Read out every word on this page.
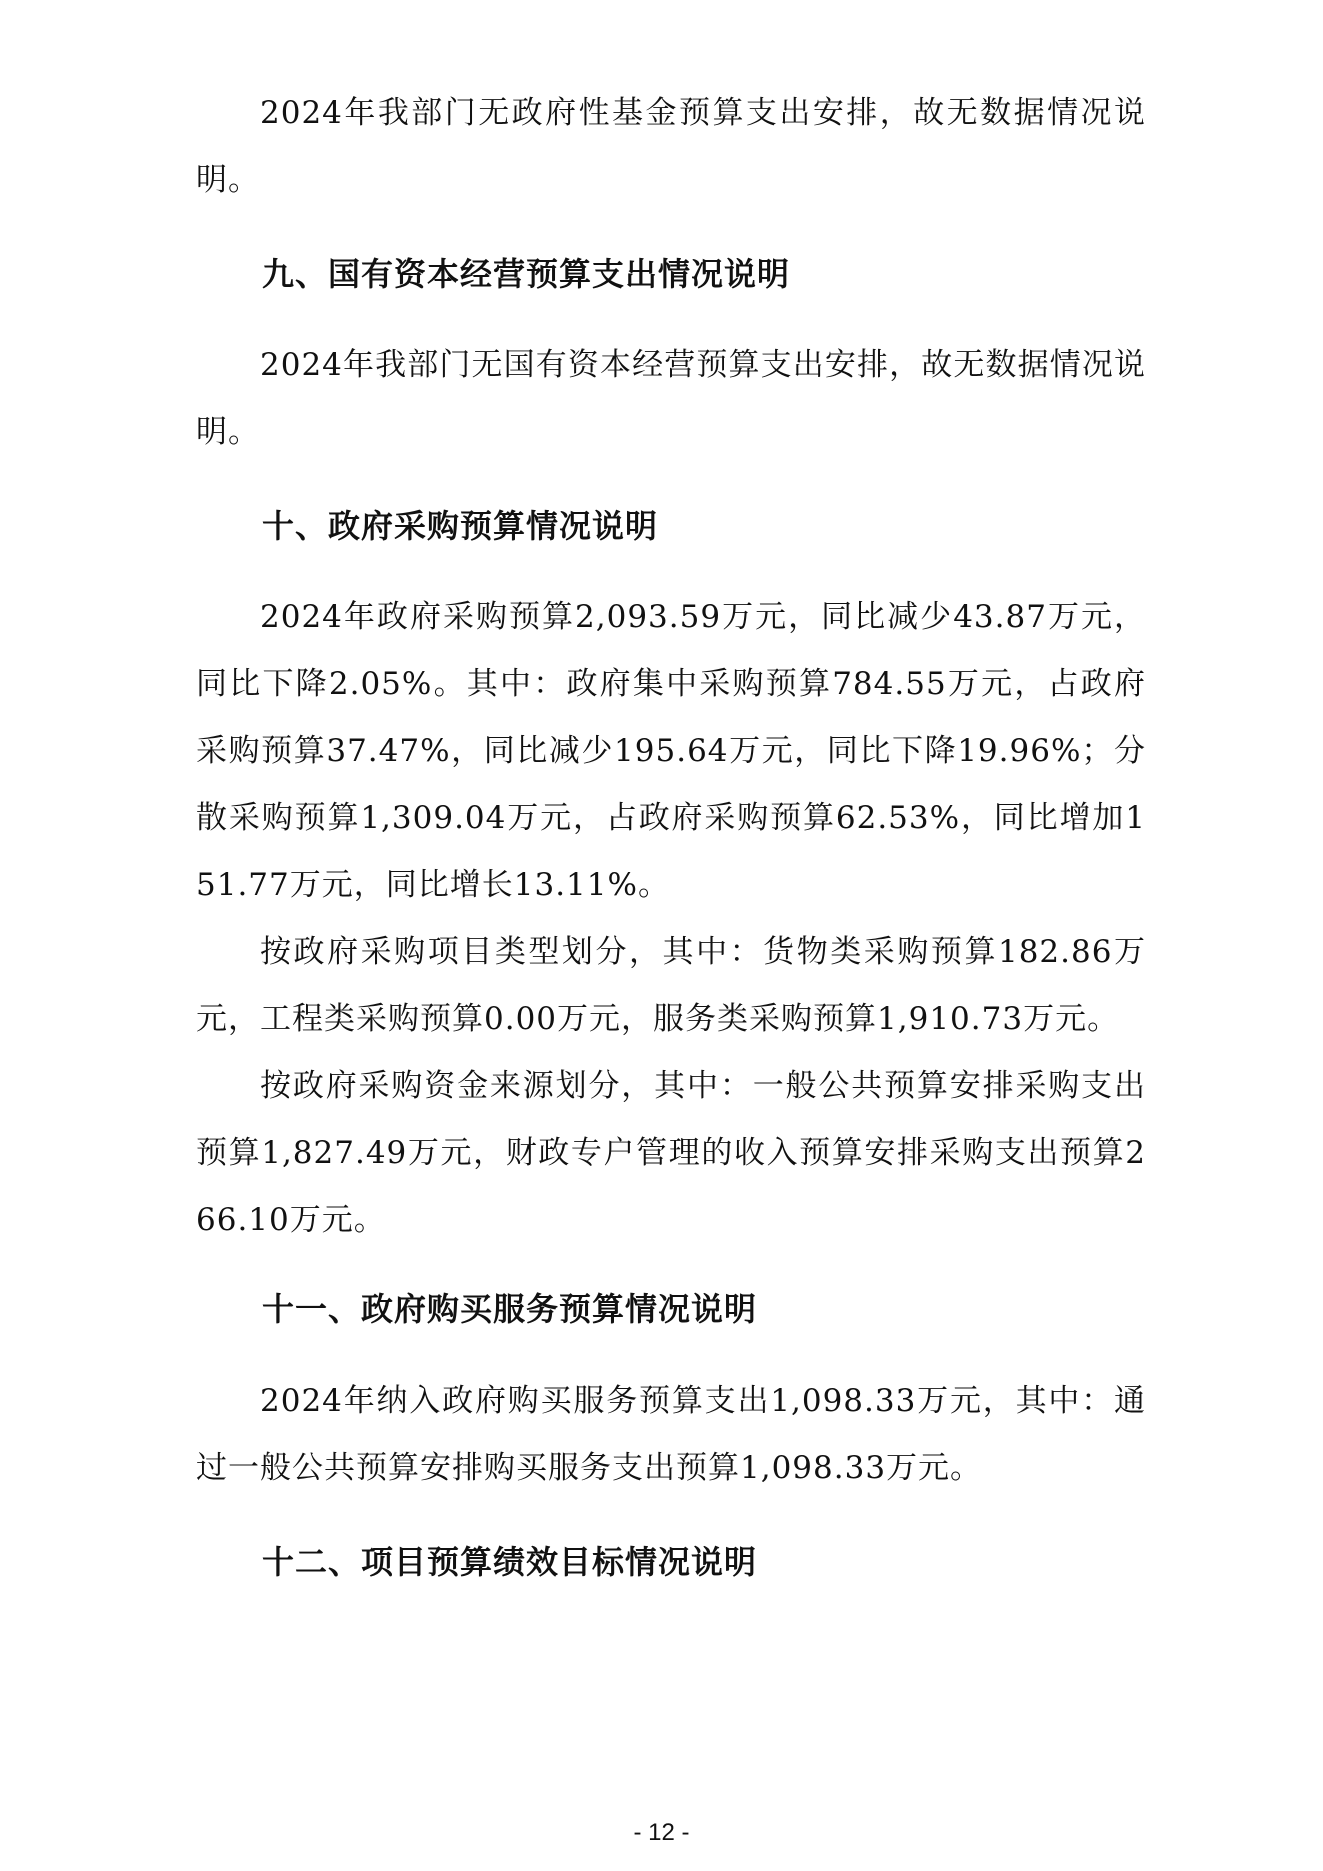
2024年我部门无政府性基金预算支出安排，故无数据情况说明。

九、国有资本经营预算支出情况说明

2024年我部门无国有资本经营预算支出安排，故无数据情况说明。

十、政府采购预算情况说明

2024年政府采购预算2,093.59万元，同比减少43.87万元，同比下降2.05%。其中：政府集中采购预算784.55万元，占政府采购预算37.47%，同比减少195.64万元，同比下降19.96%；分散采购预算1,309.04万元，占政府采购预算62.53%，同比增加151.77万元，同比增长13.11%。

按政府采购项目类型划分，其中：货物类采购预算182.86万元，工程类采购预算0.00万元，服务类采购预算1,910.73万元。

按政府采购资金来源划分，其中：一般公共预算安排采购支出预算1,827.49万元，财政专户管理的收入预算安排采购支出预算266.10万元。

十一、政府购买服务预算情况说明

2024年纳入政府购买服务预算支出1,098.33万元，其中：通过一般公共预算安排购买服务支出预算1,098.33万元。

十二、项目预算绩效目标情况说明
- 12 -
